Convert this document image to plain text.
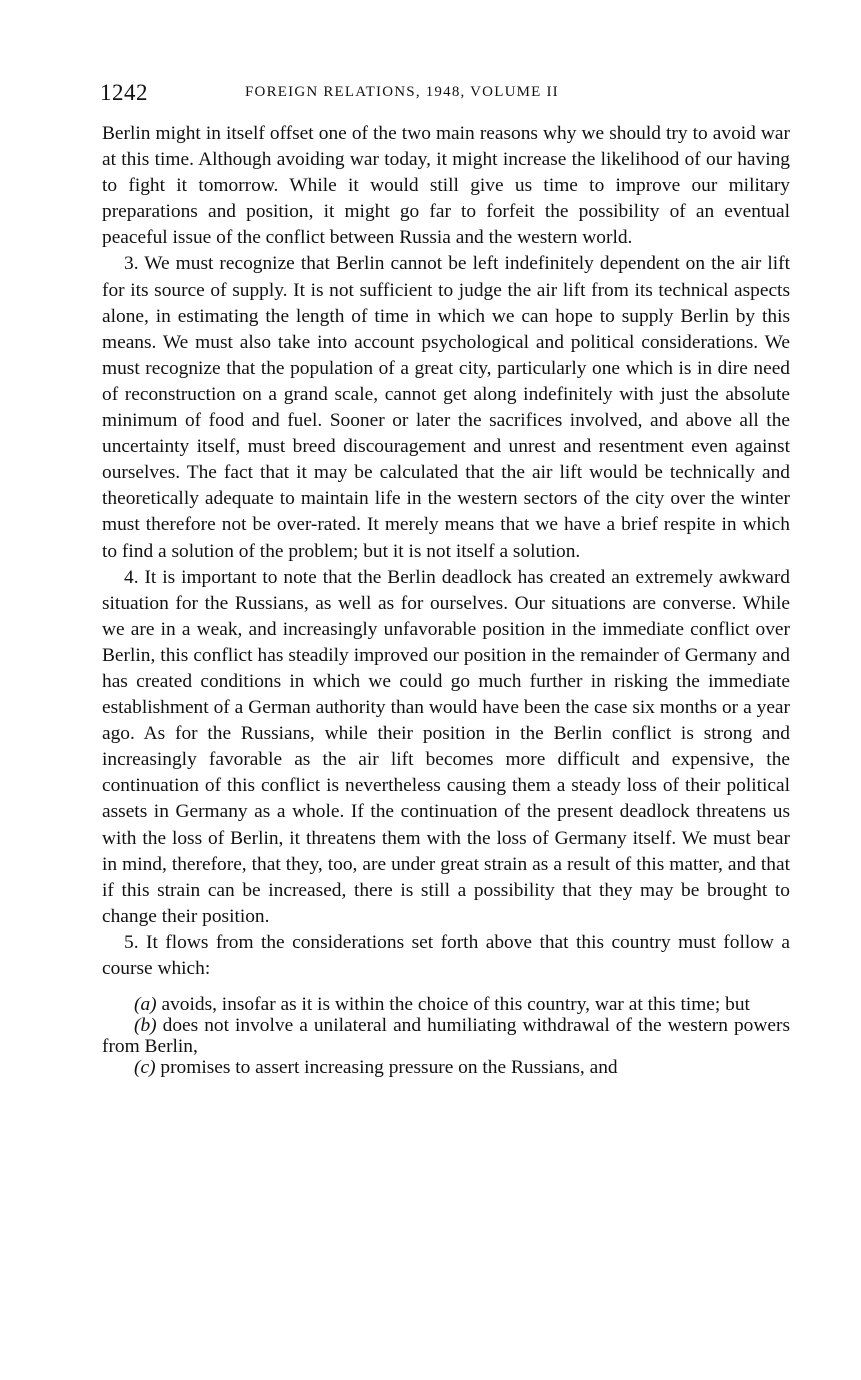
1242	FOREIGN RELATIONS, 1948, VOLUME II

Berlin might in itself offset one of the two main reasons why we should try to avoid war at this time. Although avoiding war today, it might increase the likelihood of our having to fight it tomorrow. While it would still give us time to improve our military preparations and position, it might go far to forfeit the possibility of an eventual peaceful issue of the conflict between Russia and the western world.

3. We must recognize that Berlin cannot be left indefinitely dependent on the air lift for its source of supply. It is not sufficient to judge the air lift from its technical aspects alone, in estimating the length of time in which we can hope to supply Berlin by this means. We must also take into account psychological and political considerations. We must recognize that the population of a great city, particularly one which is in dire need of reconstruction on a grand scale, cannot get along indefinitely with just the absolute minimum of food and fuel. Sooner or later the sacrifices involved, and above all the uncertainty itself, must breed discouragement and unrest and resentment even against ourselves. The fact that it may be calculated that the air lift would be technically and theoretically adequate to maintain life in the western sectors of the city over the winter must therefore not be over-rated. It merely means that we have a brief respite in which to find a solution of the problem; but it is not itself a solution.

4. It is important to note that the Berlin deadlock has created an extremely awkward situation for the Russians, as well as for ourselves. Our situations are converse. While we are in a weak, and increasingly unfavorable position in the immediate conflict over Berlin, this conflict has steadily improved our position in the remainder of Germany and has created conditions in which we could go much further in risking the immediate establishment of a German authority than would have been the case six months or a year ago. As for the Russians, while their position in the Berlin conflict is strong and increasingly favorable as the air lift becomes more difficult and expensive, the continuation of this conflict is nevertheless causing them a steady loss of their political assets in Germany as a whole. If the continuation of the present deadlock threatens us with the loss of Berlin, it threatens them with the loss of Germany itself. We must bear in mind, therefore, that they, too, are under great strain as a result of this matter, and that if this strain can be increased, there is still a possibility that they may be brought to change their position.

5. It flows from the considerations set forth above that this country must follow a course which:

(a) avoids, insofar as it is within the choice of this country, war at this time; but

(b) does not involve a unilateral and humiliating withdrawal of the western powers from Berlin,

(c) promises to assert increasing pressure on the Russians, and
